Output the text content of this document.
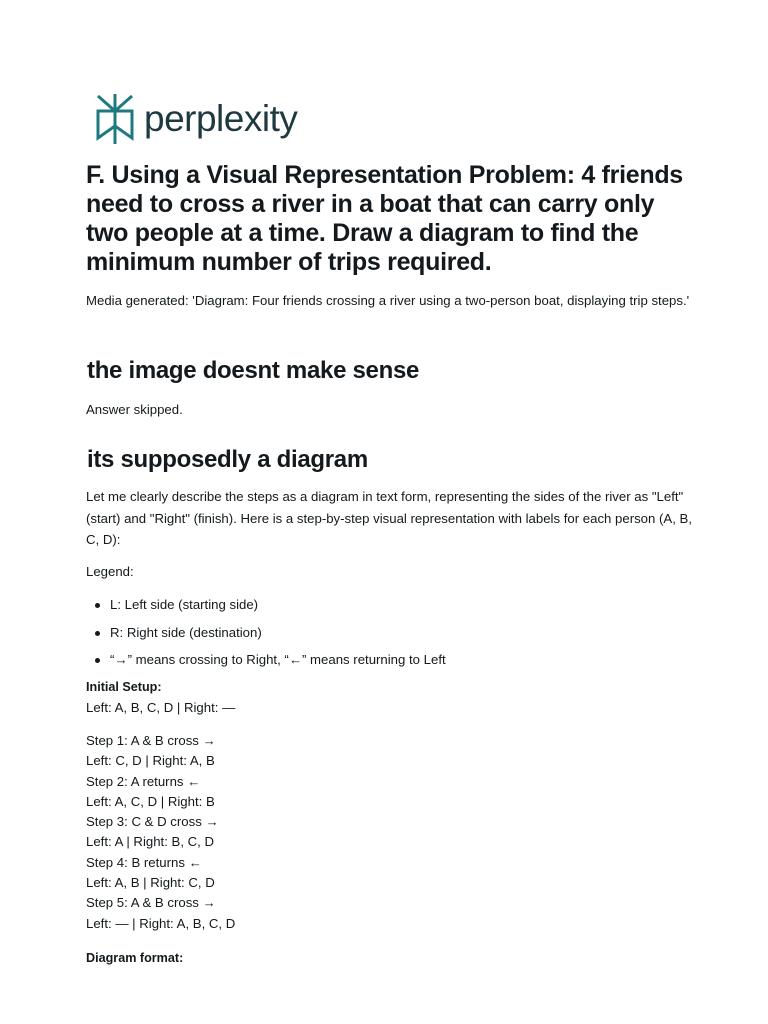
perplexity
F. Using a Visual Representation Problem: 4 friends need to cross a river in a boat that can carry only two people at a time. Draw a diagram to find the minimum number of trips required.

Media generated: 'Diagram: Four friends crossing a river using a two-person boat, displaying trip steps.'

the image doesnt make sense

Answer skipped.

its supposedly a diagram

Let me clearly describe the steps as a diagram in text form, representing the sides of the river as "Left" (start) and "Right" (finish). Here is a step-by-step visual representation with labels for each person (A, B, C, D):

Legend:

L: Left side (starting side)
R: Right side (destination)
“→” means crossing to Right, “←” means returning to Left

Initial Setup:

Left: A, B, C, D | Right: —

Step 1: A & B cross →
Left: C, D | Right: A, B
Step 2: A returns ←
Left: A, C, D | Right: B
Step 3: C & D cross →
Left: A | Right: B, C, D
Step 4: B returns ←
Left: A, B | Right: C, D
Step 5: A & B cross →
Left: — | Right: A, B, C, D

Diagram format:
